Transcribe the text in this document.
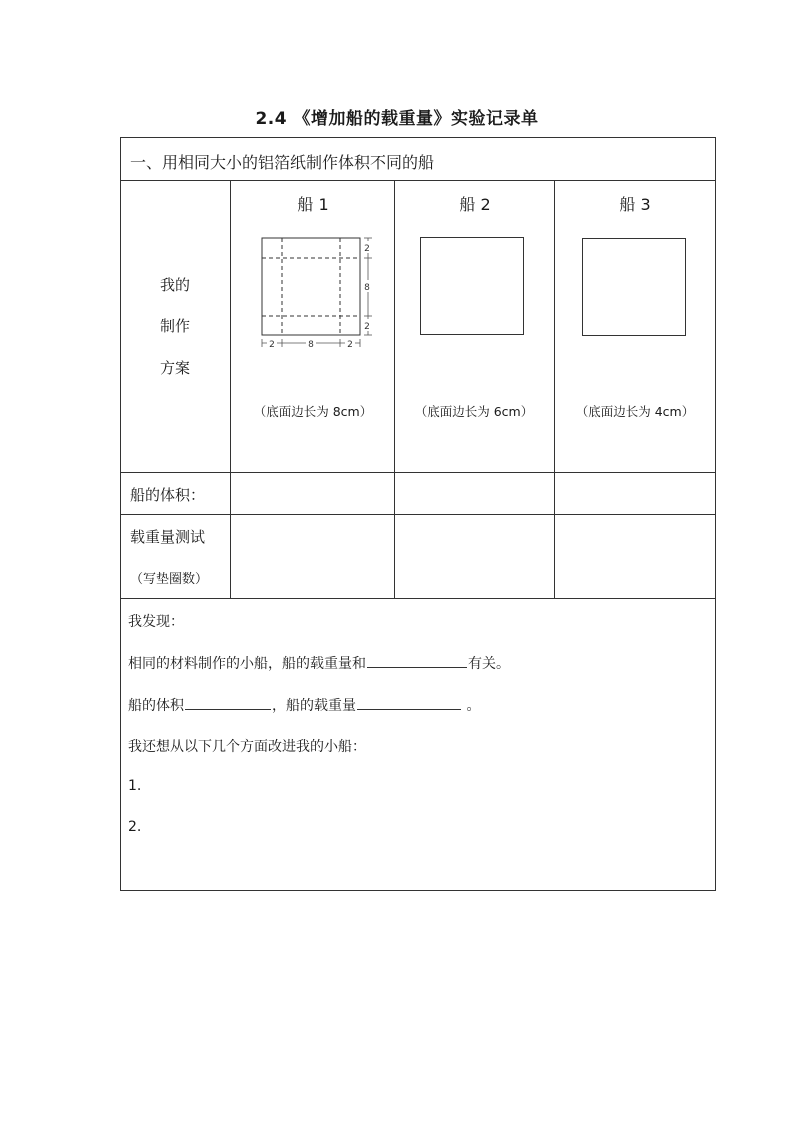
2.4 《增加船的载重量》实验记录单
一、用相同大小的铝箔纸制作体积不同的船
我的
制作
方案
船 1	船 2	船 3
2
8
2
2	8	2
（底面边长为 8cm）	（底面边长为 6cm）	（底面边长为 4cm）
船的体积：
载重量测试
（写垫圈数）
我发现：
相同的材料制作的小船，船的载重量和	有关。
船的体积	，船的载重量	。
我还想从以下几个方面改进我的小船：
1.
2.
